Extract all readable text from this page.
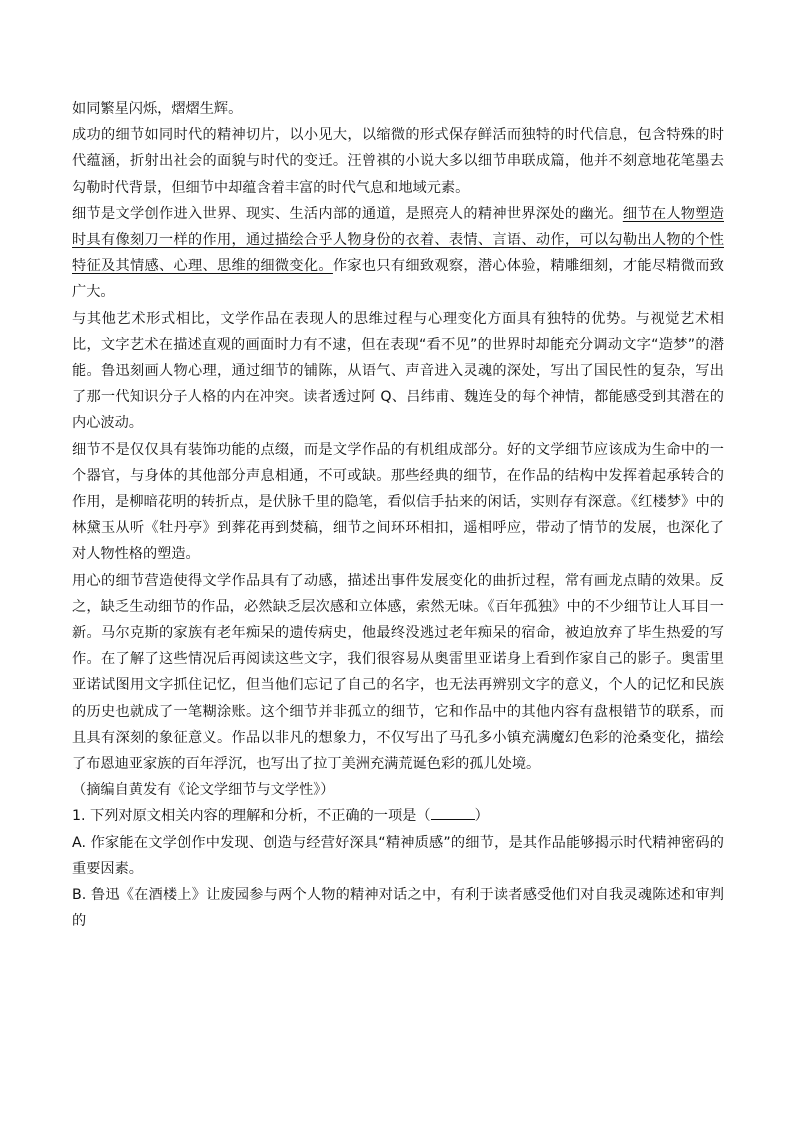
如同繁星闪烁，熠熠生辉。

成功的细节如同时代的精神切片，以小见大，以缩微的形式保存鲜活而独特的时代信息，包含特殊的时代蕴涵，折射出社会的面貌与时代的变迁。汪曾祺的小说大多以细节串联成篇，他并不刻意地花笔墨去勾勒时代背景，但细节中却蕴含着丰富的时代气息和地域元素。

细节是文学创作进入世界、现实、生活内部的通道，是照亮人的精神世界深处的幽光。细节在人物塑造时具有像刻刀一样的作用，通过描绘合乎人物身份的衣着、表情、言语、动作，可以勾勒出人物的个性特征及其情感、心理、思维的细微变化。作家也只有细致观察，潜心体验，精雕细刻，才能尽精微而致广大。

与其他艺术形式相比，文学作品在表现人的思维过程与心理变化方面具有独特的优势。与视觉艺术相比，文字艺术在描述直观的画面时力有不逮，但在表现“看不见”的世界时却能充分调动文字“造梦”的潜能。鲁迅刻画人物心理，通过细节的铺陈，从语气、声音进入灵魂的深处，写出了国民性的复杂，写出了那一代知识分子人格的内在冲突。读者透过阿 Q、吕纬甫、魏连殳的每个神情，都能感受到其潜在的内心波动。

细节不是仅仅具有装饰功能的点缀，而是文学作品的有机组成部分。好的文学细节应该成为生命中的一个器官，与身体的其他部分声息相通，不可或缺。那些经典的细节，在作品的结构中发挥着起承转合的作用，是柳暗花明的转折点，是伏脉千里的隐笔，看似信手拈来的闲话，实则存有深意。《红楼梦》中的林黛玉从听《牡丹亭》到葬花再到焚稿，细节之间环环相扣，遥相呼应，带动了情节的发展，也深化了对人物性格的塑造。

用心的细节营造使得文学作品具有了动感，描述出事件发展变化的曲折过程，常有画龙点睛的效果。反之，缺乏生动细节的作品，必然缺乏层次感和立体感，索然无味。《百年孤独》中的不少细节让人耳目一新。马尔克斯的家族有老年痴呆的遗传病史，他最终没逃过老年痴呆的宿命，被迫放弃了毕生热爱的写作。在了解了这些情况后再阅读这些文字，我们很容易从奥雷里亚诺身上看到作家自己的影子。奥雷里亚诺试图用文字抓住记忆，但当他们忘记了自己的名字，也无法再辨别文字的意义，个人的记忆和民族的历史也就成了一笔糊涂账。这个细节并非孤立的细节，它和作品中的其他内容有盘根错节的联系，而且具有深刻的象征意义。作品以非凡的想象力，不仅写出了马孔多小镇充满魔幻色彩的沧桑变化，描绘了布恩迪亚家族的百年浮沉，也写出了拉丁美洲充满荒诞色彩的孤儿处境。

（摘编自黄发有《论文学细节与文学性》）

1. 下列对原文相关内容的理解和分析，不正确的一项是（	）

A. 作家能在文学创作中发现、创造与经营好深具“精神质感”的细节，是其作品能够揭示时代精神密码的重要因素。

B. 鲁迅《在酒楼上》让废园参与两个人物的精神对话之中，有利于读者感受他们对自我灵魂陈述和审判的
